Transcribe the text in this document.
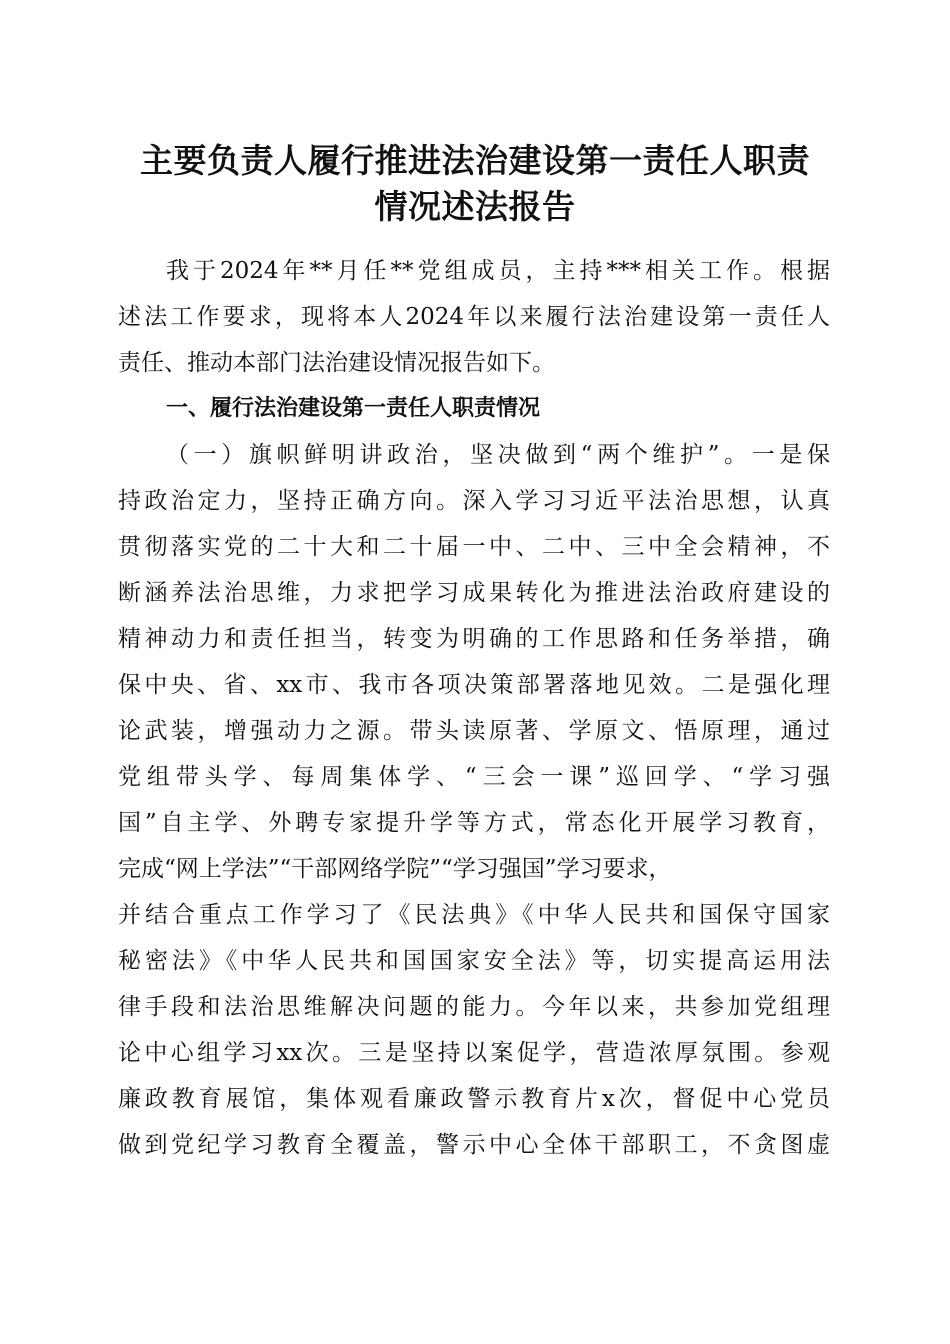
主要负责人履行推进法治建设第一责任人职责
情况述法报告
我于2024年**月任**党组成员，主持***相关工作。根据
述法工作要求，现将本人2024年以来履行法治建设第一责任人
责任、推动本部门法治建设情况报告如下。
一、履行法治建设第一责任人职责情况
（一）旗帜鲜明讲政治，坚决做到“两个维护”。一是保
持政治定力，坚持正确方向。深入学习习近平法治思想，认真
贯彻落实党的二十大和二十届一中、二中、三中全会精神，不
断涵养法治思维，力求把学习成果转化为推进法治政府建设的
精神动力和责任担当，转变为明确的工作思路和任务举措，确
保中央、省、xx市、我市各项决策部署落地见效。二是强化理
论武装，增强动力之源。带头读原著、学原文、悟原理，通过
党组带头学、每周集体学、“三会一课”巡回学、“学习强
国”自主学、外聘专家提升学等方式，常态化开展学习教育，
完成“网上学法”“干部网络学院”“学习强国”学习要求，
并结合重点工作学习了《民法典》《中华人民共和国保守国家
秘密法》《中华人民共和国国家安全法》等，切实提高运用法
律手段和法治思维解决问题的能力。今年以来，共参加党组理
论中心组学习xx次。三是坚持以案促学，营造浓厚氛围。参观
廉政教育展馆，集体观看廉政警示教育片x次，督促中心党员
做到党纪学习教育全覆盖，警示中心全体干部职工，不贪图虚
